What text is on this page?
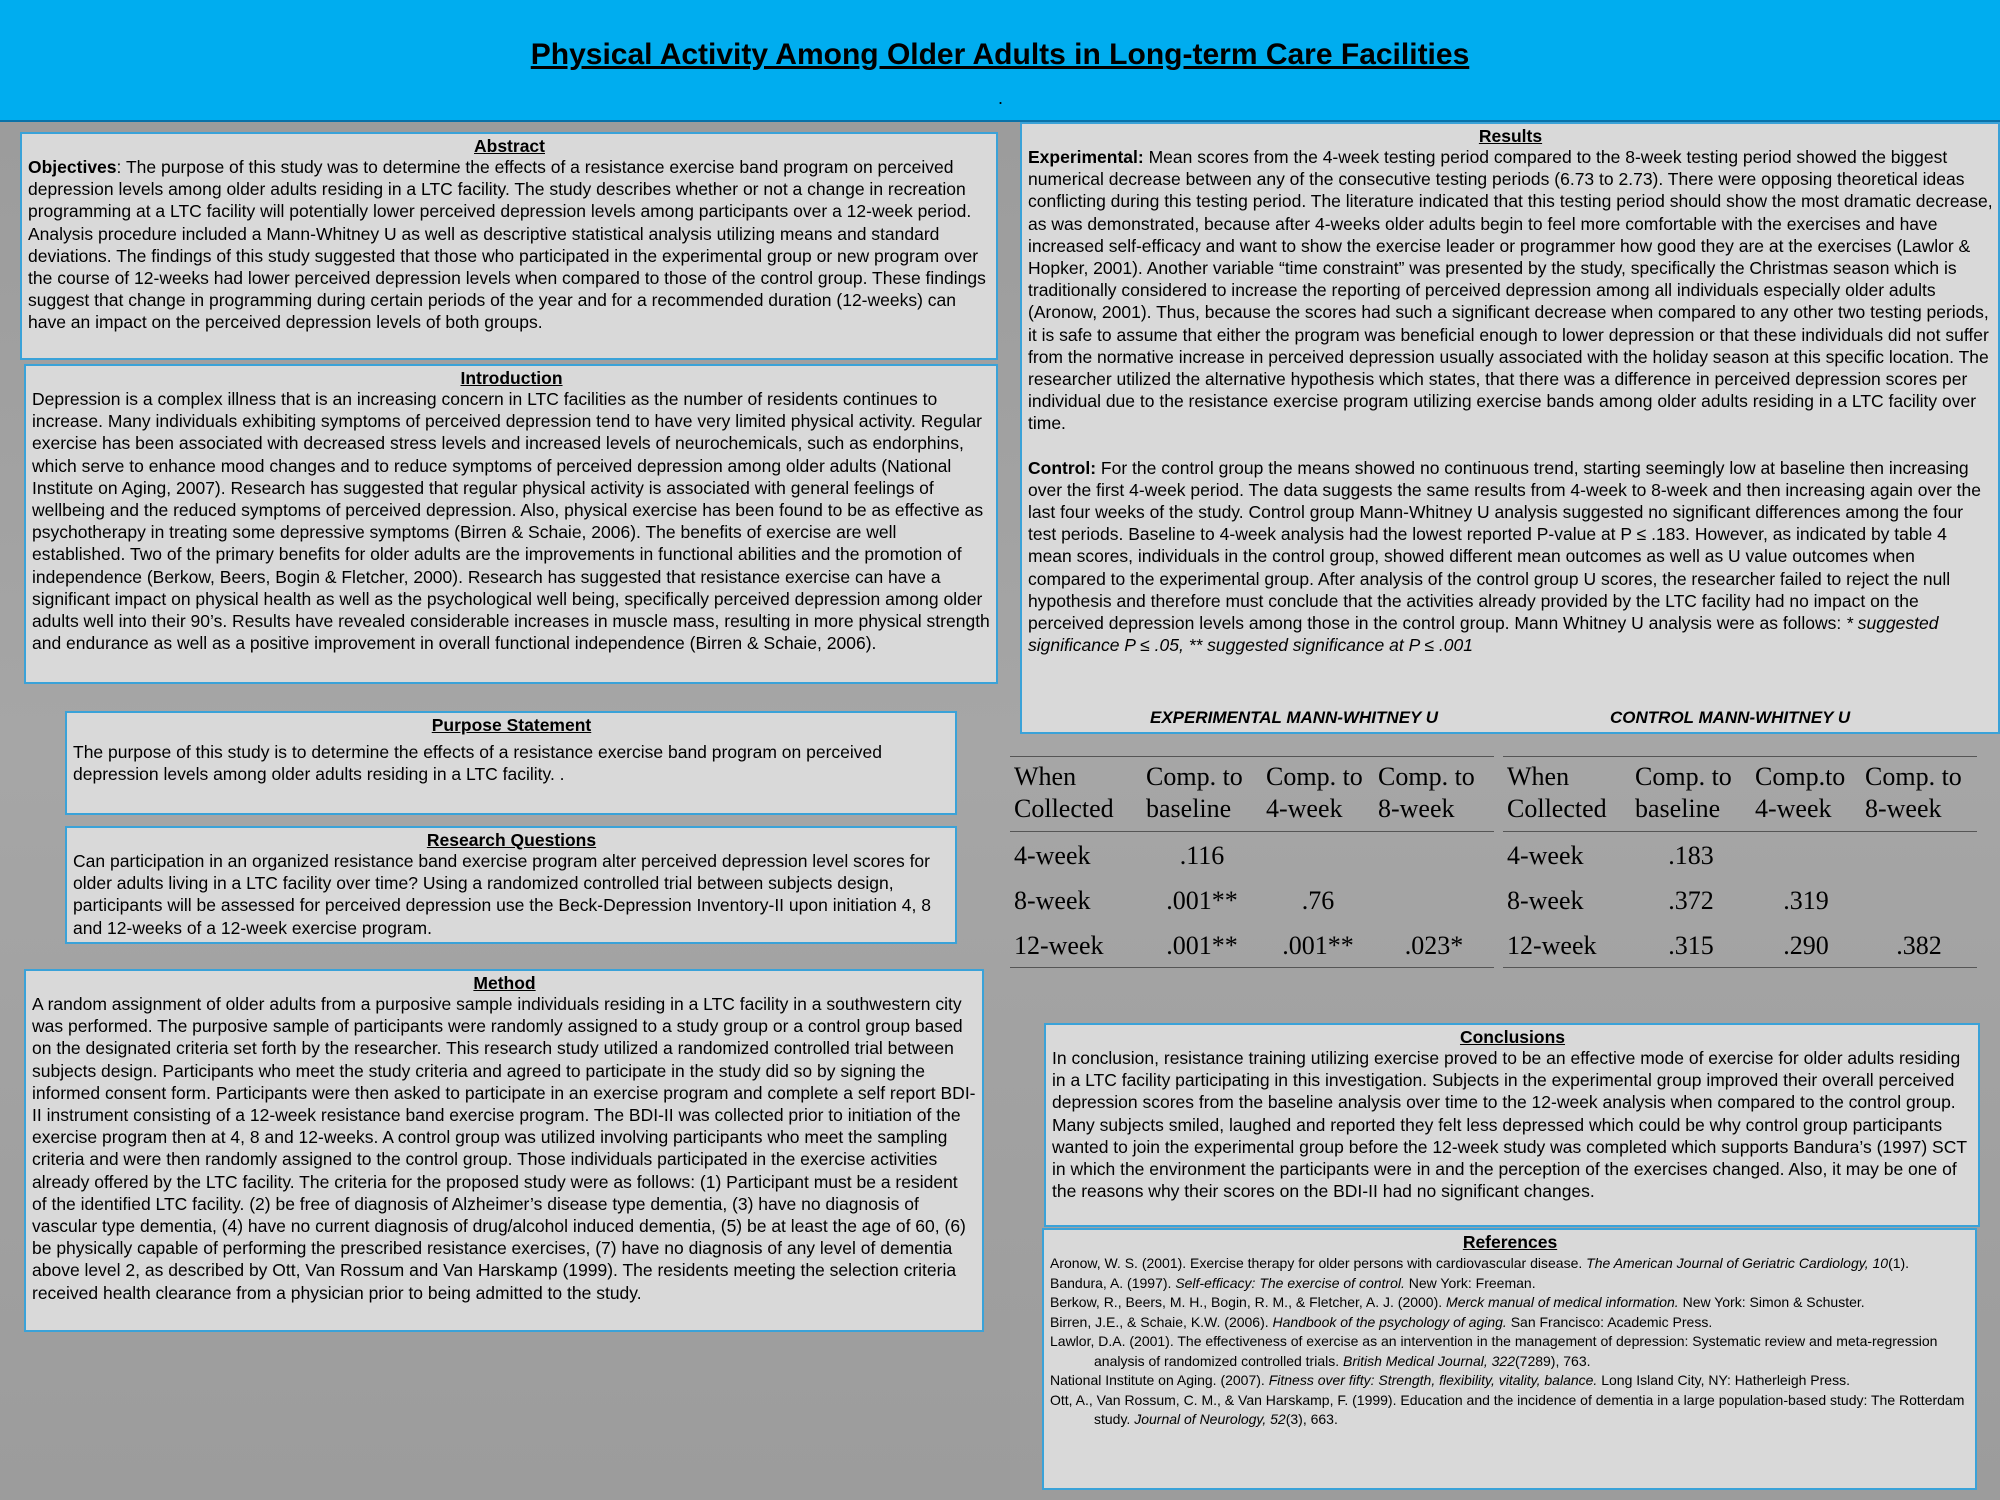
Physical Activity Among Older Adults in Long-term Care Facilities
.
Abstract

Objectives: The purpose of this study was to determine the effects of a resistance exercise band program on perceived depression levels among older adults residing in a LTC facility. The study describes whether or not a change in recreation programming at a LTC facility will potentially lower perceived depression levels among participants over a 12-week period. Analysis procedure included a Mann-Whitney U as well as descriptive statistical analysis utilizing means and standard deviations. The findings of this study suggested that those who participated in the experimental group or new program over the course of 12-weeks had lower perceived depression levels when compared to those of the control group. These findings suggest that change in programming during certain periods of the year and for a recommended duration (12-weeks) can have an impact on the perceived depression levels of both groups.

Introduction

Depression is a complex illness that is an increasing concern in LTC facilities as the number of residents continues to increase. Many individuals exhibiting symptoms of perceived depression tend to have very limited physical activity. Regular exercise has been associated with decreased stress levels and increased levels of neurochemicals, such as endorphins, which serve to enhance mood changes and to reduce symptoms of perceived depression among older adults (National Institute on Aging, 2007). Research has suggested that regular physical activity is associated with general feelings of wellbeing and the reduced symptoms of perceived depression. Also, physical exercise has been found to be as effective as psychotherapy in treating some depressive symptoms (Birren & Schaie, 2006). The benefits of exercise are well established. Two of the primary benefits for older adults are the improvements in functional abilities and the promotion of independence (Berkow, Beers, Bogin & Fletcher, 2000). Research has suggested that resistance exercise can have a significant impact on physical health as well as the psychological well being, specifically perceived depression among older adults well into their 90’s. Results have revealed considerable increases in muscle mass, resulting in more physical strength and endurance as well as a positive improvement in overall functional independence (Birren & Schaie, 2006).

Purpose Statement

The purpose of this study is to determine the effects of a resistance exercise band program on perceived depression levels among older adults residing in a LTC facility. .

Research Questions

Can participation in an organized resistance band exercise program alter perceived depression level scores for older adults living in a LTC facility over time? Using a randomized controlled trial between subjects design, participants will be assessed for perceived depression use the Beck-Depression Inventory-II upon initiation 4, 8 and 12-weeks of a 12-week exercise program.

Method

A random assignment of older adults from a purposive sample individuals residing in a LTC facility in a southwestern city was performed. The purposive sample of participants were randomly assigned to a study group or a control group based on the designated criteria set forth by the researcher. This research study utilized a randomized controlled trial between subjects design. Participants who meet the study criteria and agreed to participate in the study did so by signing the informed consent form. Participants were then asked to participate in an exercise program and complete a self report BDI-II instrument consisting of a 12-week resistance band exercise program. The BDI-II was collected prior to initiation of the exercise program then at 4, 8 and 12-weeks. A control group was utilized involving participants who meet the sampling criteria and were then randomly assigned to the control group. Those individuals participated in the exercise activities already offered by the LTC facility. The criteria for the proposed study were as follows: (1) Participant must be a resident of the identified LTC facility. (2) be free of diagnosis of Alzheimer’s disease type dementia, (3) have no diagnosis of vascular type dementia, (4) have no current diagnosis of drug/alcohol induced dementia, (5) be at least the age of 60, (6) be physically capable of performing the prescribed resistance exercises, (7) have no diagnosis of any level of dementia above level 2, as described by Ott, Van Rossum and Van Harskamp (1999). The residents meeting the selection criteria received health clearance from a physician prior to being admitted to the study.

Results

Experimental: Mean scores from the 4-week testing period compared to the 8-week testing period showed the biggest numerical decrease between any of the consecutive testing periods (6.73 to 2.73). There were opposing theoretical ideas conflicting during this testing period. The literature indicated that this testing period should show the most dramatic decrease, as was demonstrated, because after 4-weeks older adults begin to feel more comfortable with the exercises and have increased self-efficacy and want to show the exercise leader or programmer how good they are at the exercises (Lawlor & Hopker, 2001). Another variable “time constraint” was presented by the study, specifically the Christmas season which is traditionally considered to increase the reporting of perceived depression among all individuals especially older adults (Aronow, 2001). Thus, because the scores had such a significant decrease when compared to any other two testing periods, it is safe to assume that either the program was beneficial enough to lower depression or that these individuals did not suffer from the normative increase in perceived depression usually associated with the holiday season at this specific location. The researcher utilized the alternative hypothesis which states, that there was a difference in perceived depression scores per individual due to the resistance exercise program utilizing exercise bands among older adults residing in a LTC facility over time.

Control: For the control group the means showed no continuous trend, starting seemingly low at baseline then increasing over the first 4-week period. The data suggests the same results from 4-week to 8-week and then increasing again over the last four weeks of the study. Control group Mann-Whitney U analysis suggested no significant differences among the four test periods. Baseline to 4-week analysis had the lowest reported P-value at P ≤ .183. However, as indicated by table 4 mean scores, individuals in the control group, showed different mean outcomes as well as U value outcomes when compared to the experimental group. After analysis of the control group U scores, the researcher failed to reject the null hypothesis and therefore must conclude that the activities already provided by the LTC facility had no impact on the perceived depression levels among those in the control group. Mann Whitney U analysis were as follows: * suggested significance P ≤ .05, ** suggested significance at P ≤ .001

EXPERIMENTAL MANN-WHITNEY U	CONTROL MANN-WHITNEY U
When Collected	Comp. to baseline	Comp. to 4-week	Comp. to 8-week
4-week	.116		
8-week	.001**	.76	
12-week	.001**	.001**	.023*
When Collected	Comp. to baseline	Comp.to 4-week	Comp. to 8-week
4-week	.183		
8-week	.372	.319	
12-week	.315	.290	.382
Conclusions

In conclusion, resistance training utilizing exercise proved to be an effective mode of exercise for older adults residing in a LTC facility participating in this investigation. Subjects in the experimental group improved their overall perceived depression scores from the baseline analysis over time to the 12-week analysis when compared to the control group. Many subjects smiled, laughed and reported they felt less depressed which could be why control group participants wanted to join the experimental group before the 12-week study was completed which supports Bandura’s (1997) SCT in which the environment the participants were in and the perception of the exercises changed. Also, it may be one of the reasons why their scores on the BDI-II had no significant changes.

References

Aronow, W. S. (2001). Exercise therapy for older persons with cardiovascular disease. The American Journal of Geriatric Cardiology, 10(1).

Bandura, A. (1997). Self-efficacy: The exercise of control. New York: Freeman.

Berkow, R., Beers, M. H., Bogin, R. M., & Fletcher, A. J. (2000). Merck manual of medical information. New York: Simon & Schuster.

Birren, J.E., & Schaie, K.W. (2006). Handbook of the psychology of aging. San Francisco: Academic Press.

Lawlor, D.A. (2001). The effectiveness of exercise as an intervention in the management of depression: Systematic review and meta-regression analysis of randomized controlled trials. British Medical Journal, 322(7289), 763.

National Institute on Aging. (2007). Fitness over fifty: Strength, flexibility, vitality, balance. Long Island City, NY: Hatherleigh Press.

Ott, A., Van Rossum, C. M., & Van Harskamp, F. (1999). Education and the incidence of dementia in a large population-based study: The Rotterdam study. Journal of Neurology, 52(3), 663.
